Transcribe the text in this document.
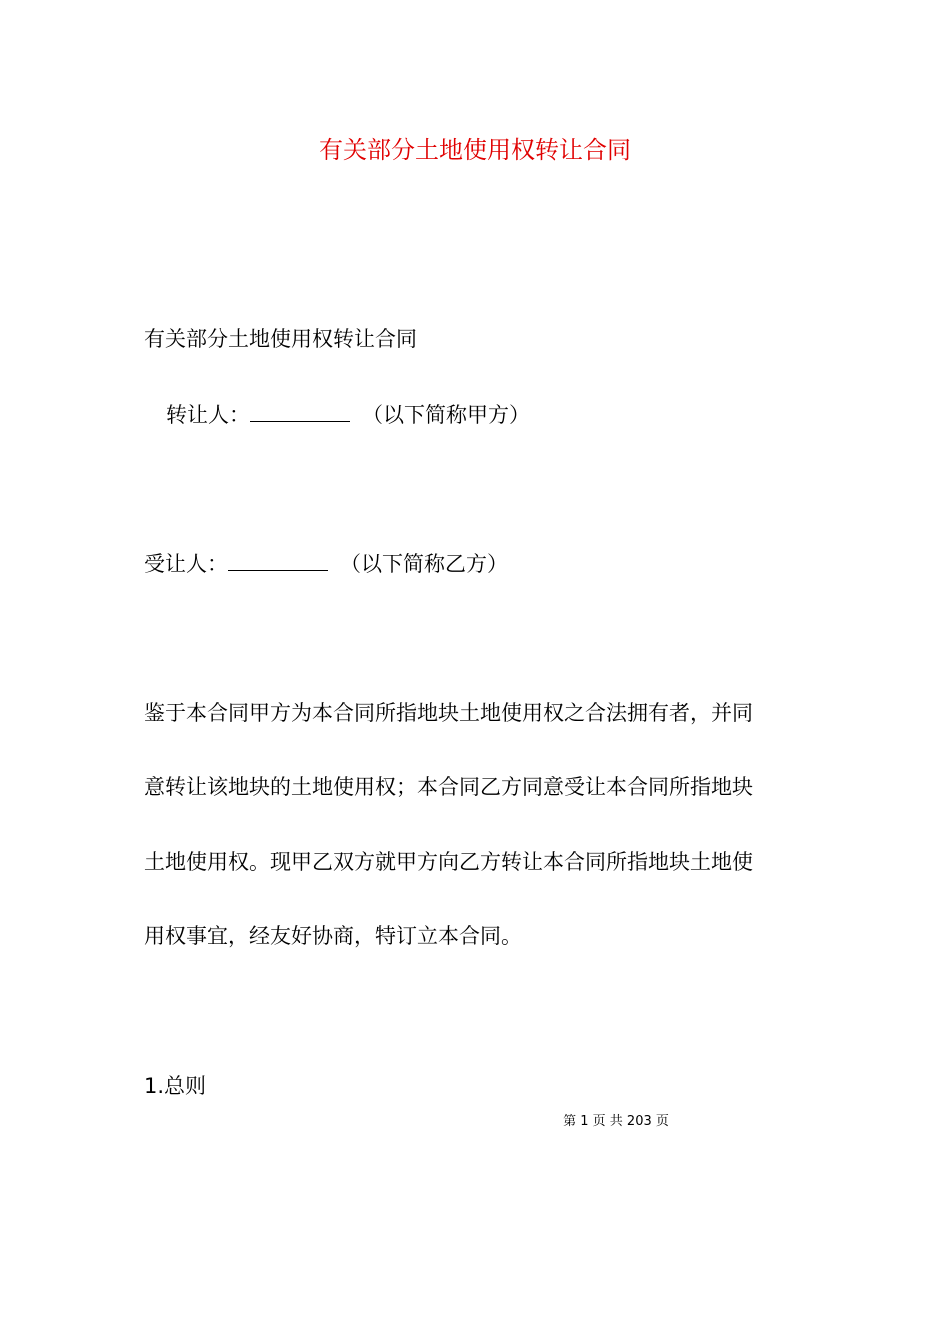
有关部分土地使用权转让合同
有关部分土地使用权转让合同
转让人：	（以下简称甲方）
受让人：	（以下简称乙方）
鉴于本合同甲方为本合同所指地块土地使用权之合法拥有者，并同
意转让该地块的土地使用权；本合同乙方同意受让本合同所指地块
土地使用权。现甲乙双方就甲方向乙方转让本合同所指地块土地使
用权事宜，经友好协商，特订立本合同。
1.总则
第 1 页 共 203 页
